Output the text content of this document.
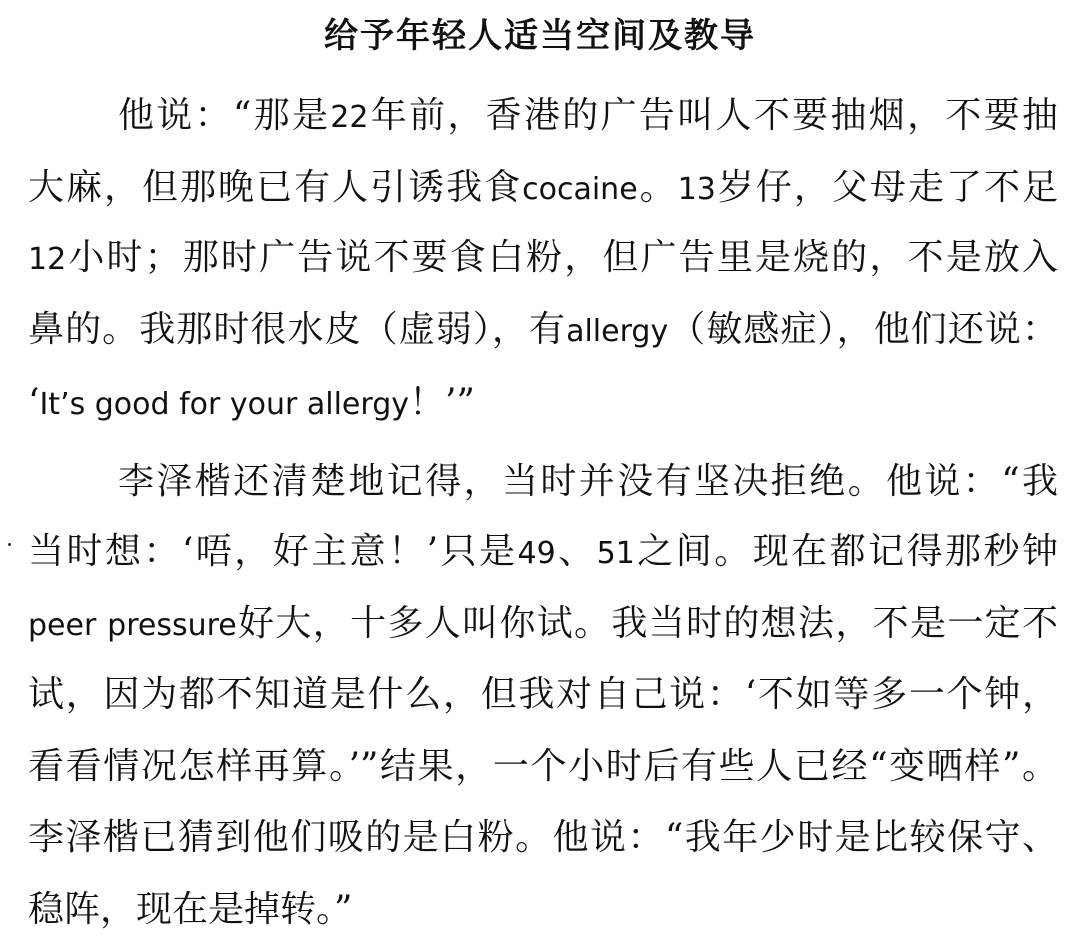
给予年轻人适当空间及教导

他说：“那是22年前，香港的广告叫人不要抽烟，不要抽

大麻，但那晚已有人引诱我食cocaine。13岁仔，父母走了不足

12小时；那时广告说不要食白粉，但广告里是烧的，不是放入

鼻的。我那时很水皮（虚弱），有allergy（敏感症），他们还说：

‘It’s good for your allergy！’”

李泽楷还清楚地记得，当时并没有坚决拒绝。他说：“我

当时想：‘唔，好主意！’只是49、51之间。现在都记得那秒钟

peer pressure好大，十多人叫你试。我当时的想法，不是一定不

试，因为都不知道是什么，但我对自己说：‘不如等多一个钟，

看看情况怎样再算。’”结果，一个小时后有些人已经“变晒样”。

李泽楷已猜到他们吸的是白粉。他说：“我年少时是比较保守、

稳阵，现在是掉转。”
